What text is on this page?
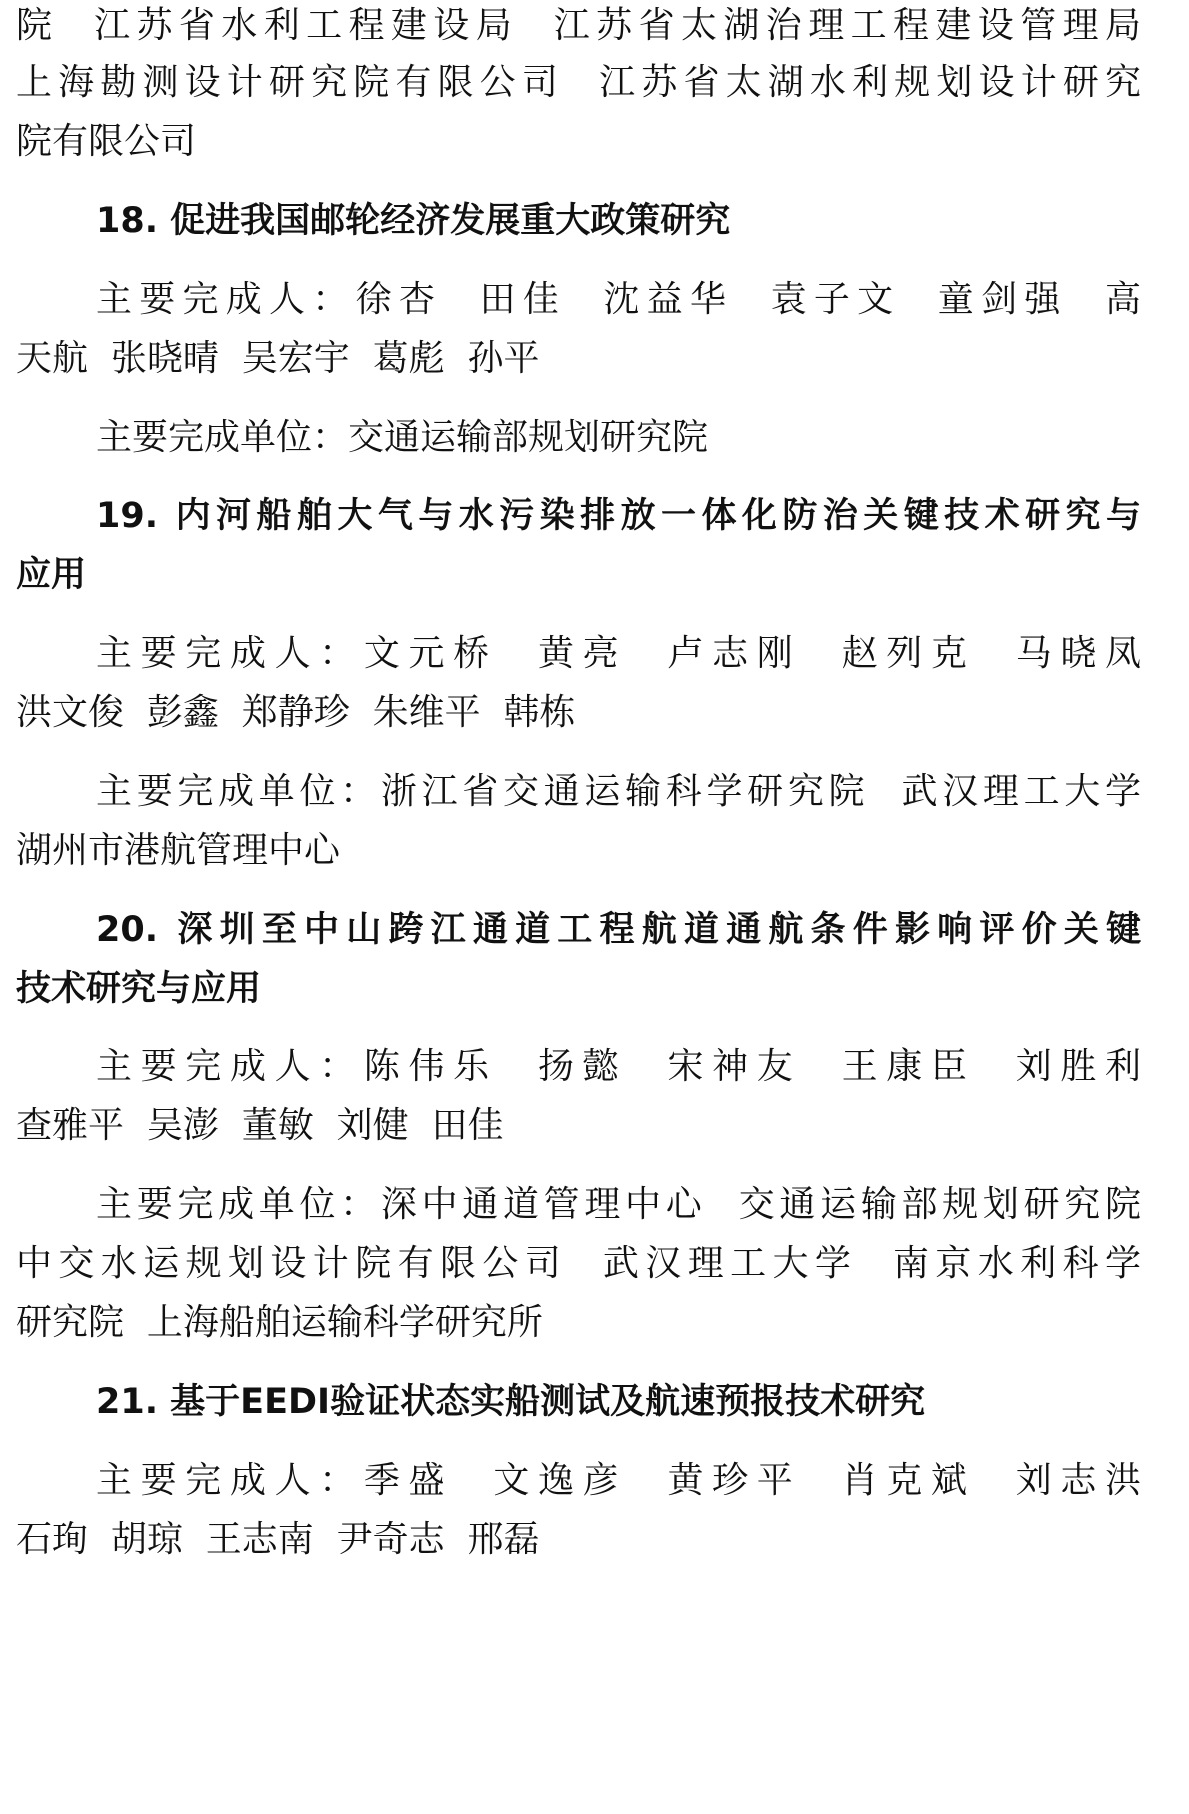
院  江苏省水利工程建设局  江苏省太湖治理工程建设管理局
上海勘测设计研究院有限公司  江苏省太湖水利规划设计研究
院有限公司
18. 促进我国邮轮经济发展重大政策研究
主要完成人：徐杏  田佳  沈益华  袁子文  童剑强  高
天航  张晓晴  吴宏宇  葛彪  孙平
主要完成单位：交通运输部规划研究院
19. 内河船舶大气与水污染排放一体化防治关键技术研究与
应用
主要完成人：文元桥  黄亮  卢志刚  赵列克  马晓凤
洪文俊  彭鑫  郑静珍  朱维平  韩栋
主要完成单位：浙江省交通运输科学研究院  武汉理工大学
湖州市港航管理中心
20. 深圳至中山跨江通道工程航道通航条件影响评价关键
技术研究与应用
主要完成人：陈伟乐  扬懿  宋神友  王康臣  刘胜利
查雅平  吴澎  董敏  刘健  田佳
主要完成单位：深中通道管理中心  交通运输部规划研究院
中交水运规划设计院有限公司  武汉理工大学  南京水利科学
研究院  上海船舶运输科学研究所
21. 基于EEDI验证状态实船测试及航速预报技术研究
主要完成人：季盛  文逸彦  黄珍平  肖克斌  刘志洪
石珣  胡琼  王志南  尹奇志  邢磊
